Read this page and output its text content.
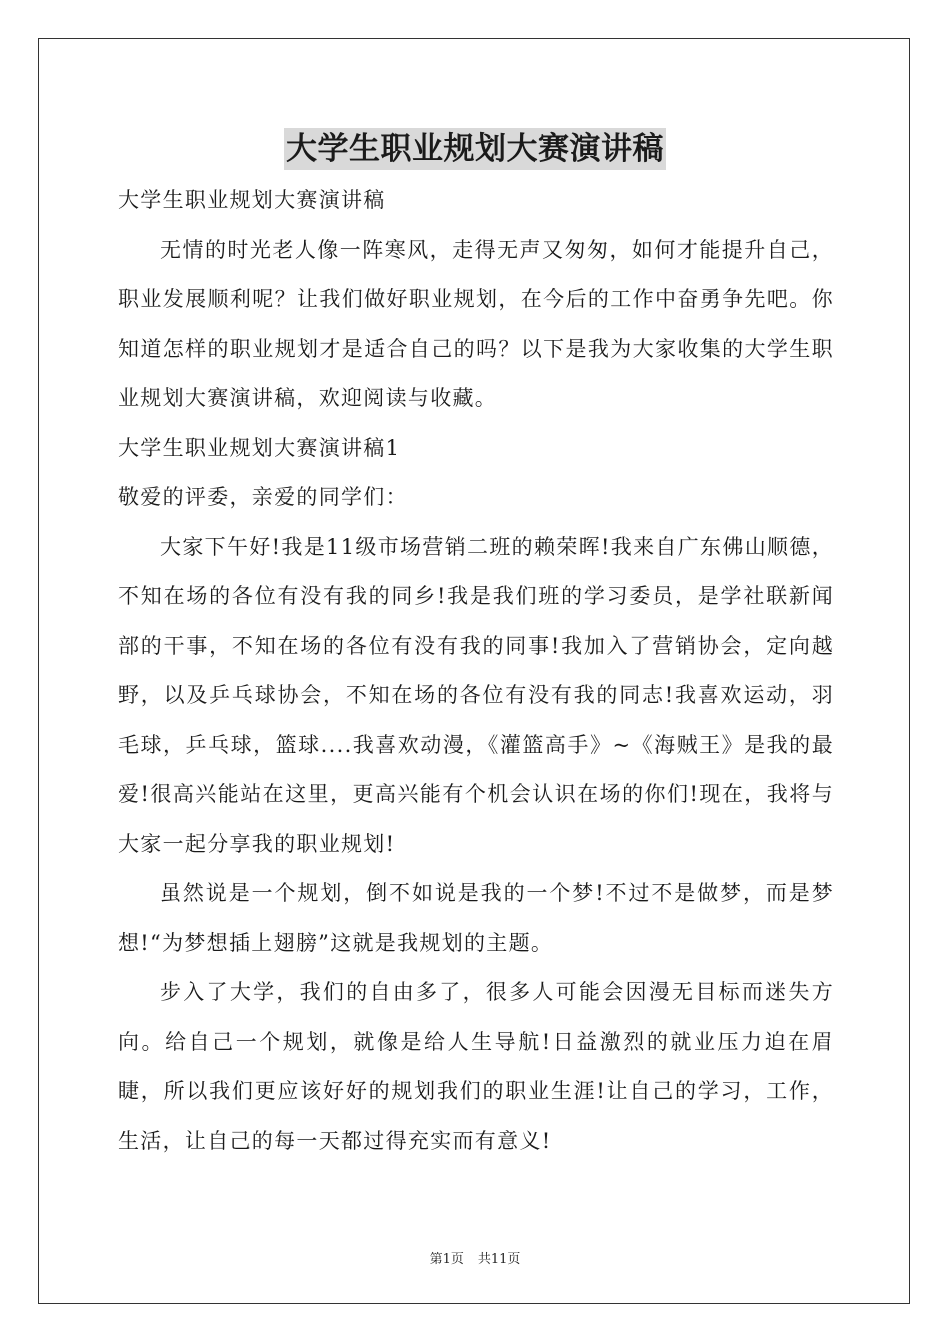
大学生职业规划大赛演讲稿

大学生职业规划大赛演讲稿

无情的时光老人像一阵寒风，走得无声又匆匆，如何才能提升自己，职业发展顺利呢？让我们做好职业规划，在今后的工作中奋勇争先吧。你知道怎样的职业规划才是适合自己的吗？以下是我为大家收集的大学生职业规划大赛演讲稿，欢迎阅读与收藏。

大学生职业规划大赛演讲稿1

敬爱的评委，亲爱的同学们：

大家下午好!我是11级市场营销二班的赖荣晖!我来自广东佛山顺德，不知在场的各位有没有我的同乡!我是我们班的学习委员，是学社联新闻部的干事，不知在场的各位有没有我的同事!我加入了营销协会，定向越野，以及乒乓球协会，不知在场的各位有没有我的同志!我喜欢运动，羽毛球，乒乓球，篮球....我喜欢动漫，《灌篮高手》~《海贼王》是我的最爱!很高兴能站在这里，更高兴能有个机会认识在场的你们!现在，我将与大家一起分享我的职业规划!

虽然说是一个规划，倒不如说是我的一个梦!不过不是做梦，而是梦想!“为梦想插上翅膀”这就是我规划的主题。

步入了大学，我们的自由多了，很多人可能会因漫无目标而迷失方向。给自己一个规划，就像是给人生导航!日益激烈的就业压力迫在眉睫，所以我们更应该好好的规划我们的职业生涯!让自己的学习，工作，生活，让自己的每一天都过得充实而有意义!

第1页 共11页
